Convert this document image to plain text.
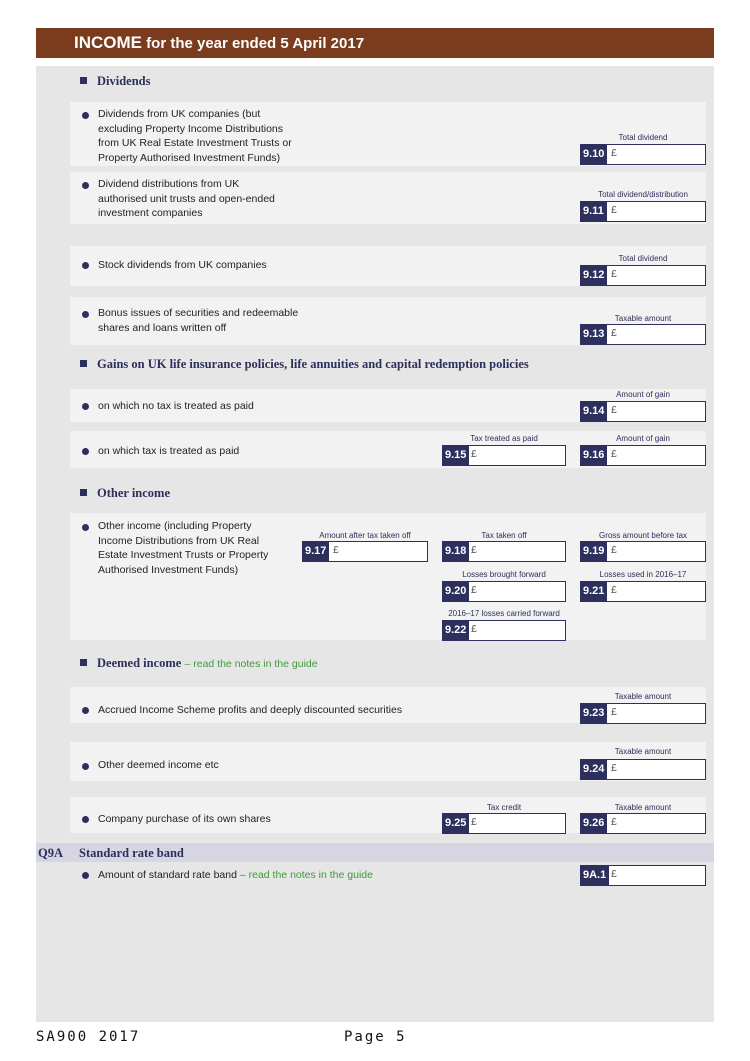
INCOME for the year ended 5 April 2017
Dividends
Dividends from UK companies (but
excluding Property Income Distributions
from UK Real Estate Investment Trusts or
Property Authorised Investment Funds)
Total dividend
9.10 £
Dividend distributions from UK
authorised unit trusts and open-ended
investment companies
Total dividend/distribution
9.11 £
Stock dividends from UK companies
Total dividend
9.12 £
Bonus issues of securities and redeemable
shares and loans written off
Taxable amount
9.13 £
Gains on UK life insurance policies, life annuities and capital redemption policies
on which no tax is treated as paid
Amount of gain
9.14 £
on which tax is treated as paid
Tax treated as paid
9.15 £
Amount of gain
9.16 £
Other income
Other income (including Property
Income Distributions from UK Real
Estate Investment Trusts or Property
Authorised Investment Funds)
Amount after tax taken off
9.17 £
Tax taken off
9.18 £
Gross amount before tax
9.19 £
Losses brought forward
9.20 £
Losses used in 2016–17
9.21 £
2016–17 losses carried forward
9.22 £
Deemed income – read the notes in the guide
Accrued Income Scheme profits and deeply discounted securities
Taxable amount
9.23 £
Other deemed income etc
Taxable amount
9.24 £
Company purchase of its own shares
Tax credit
9.25 £
Taxable amount
9.26 £
Q9A Standard rate band
Amount of standard rate band – read the notes in the guide	9A.1 £
SA900 2017	Page 5
